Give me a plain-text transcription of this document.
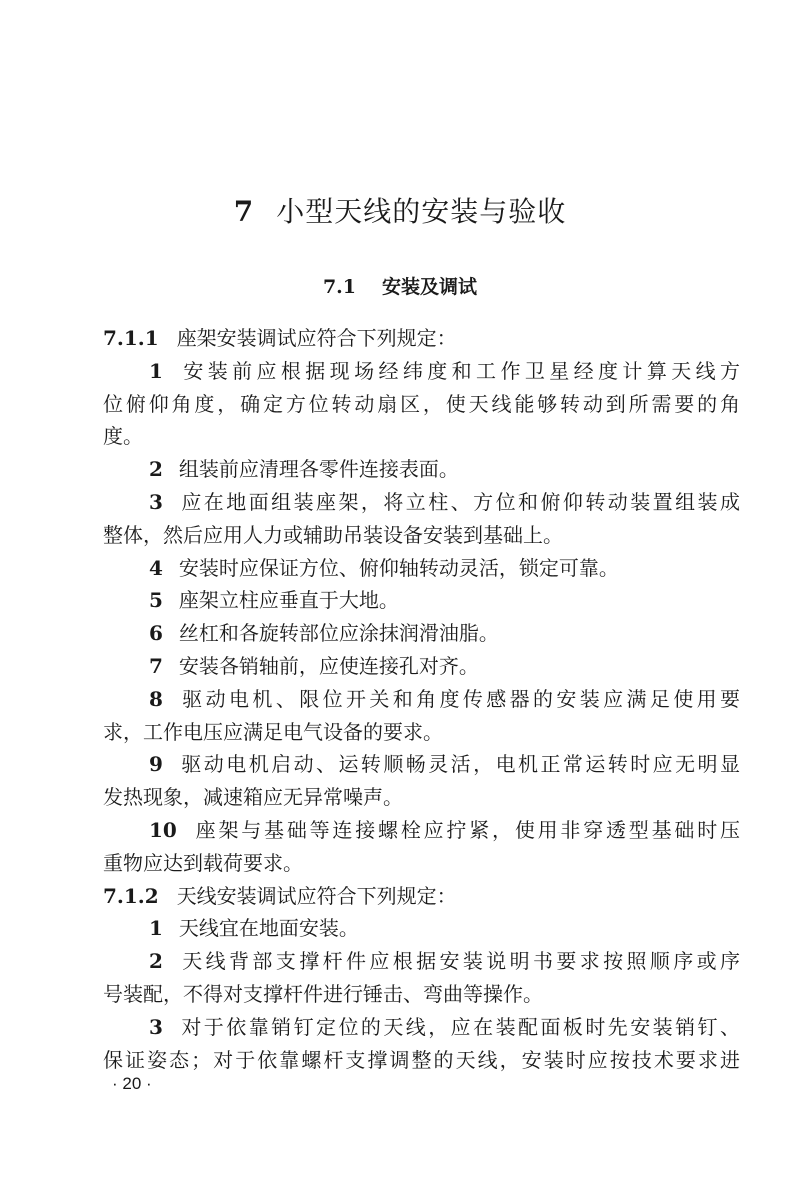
7 小型天线的安装与验收
7.1 安装及调试
7.1.1 座架安装调试应符合下列规定：
1 安装前应根据现场经纬度和工作卫星经度计算天线方
位俯仰角度，确定方位转动扇区，使天线能够转动到所需要的角
度。
2 组装前应清理各零件连接表面。
3 应在地面组装座架，将立柱、方位和俯仰转动装置组装成
整体，然后应用人力或辅助吊装设备安装到基础上。
4 安装时应保证方位、俯仰轴转动灵活，锁定可靠。
5 座架立柱应垂直于大地。
6 丝杠和各旋转部位应涂抹润滑油脂。
7 安装各销轴前，应使连接孔对齐。
8 驱动电机、限位开关和角度传感器的安装应满足使用要
求，工作电压应满足电气设备的要求。
9 驱动电机启动、运转顺畅灵活，电机正常运转时应无明显
发热现象，减速箱应无异常噪声。
10 座架与基础等连接螺栓应拧紧，使用非穿透型基础时压
重物应达到载荷要求。
7.1.2 天线安装调试应符合下列规定：
1 天线宜在地面安装。
2 天线背部支撑杆件应根据安装说明书要求按照顺序或序
号装配，不得对支撑杆件进行锤击、弯曲等操作。
3 对于依靠销钉定位的天线，应在装配面板时先安装销钉、
保证姿态；对于依靠螺杆支撑调整的天线，安装时应按技术要求进
· 20 ·
